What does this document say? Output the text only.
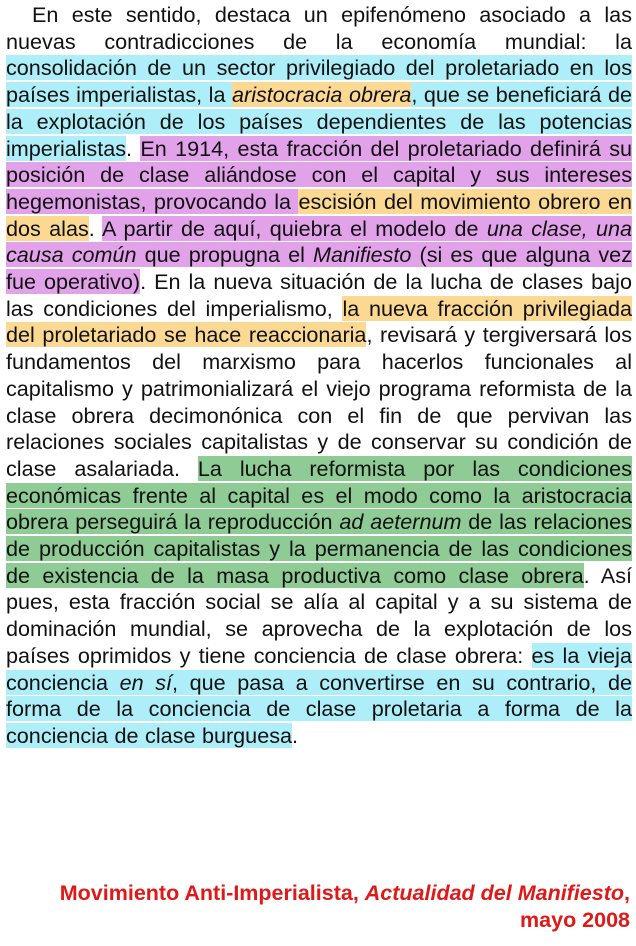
En este sentido, destaca un epifenómeno asociado a las nuevas contradicciones de la economía mundial: la consolidación de un sector privilegiado del proletariado en los países imperialistas, la aristocracia obrera, que se beneficiará de la explotación de los países dependientes de las potencias imperialistas. En 1914, esta fracción del proletariado definirá su posición de clase aliándose con el capital y sus intereses hegemonistas, provocando la escisión del movimiento obrero en dos alas. A partir de aquí, quiebra el modelo de una clase, una causa común que propugna el Manifiesto (si es que alguna vez fue operativo). En la nueva situación de la lucha de clases bajo las condiciones del imperialismo, la nueva fracción privilegiada del proletariado se hace reaccionaria, revisará y tergiversará los fundamentos del marxismo para hacerlos funcionales al capitalismo y patrimonializará el viejo programa reformista de la clase obrera decimonónica con el fin de que pervivan las relaciones sociales capitalistas y de conservar su condición de clase asalariada. La lucha reformista por las condiciones económicas frente al capital es el modo como la aristocracia obrera perseguirá la reproducción ad aeternum de las relaciones de producción capitalistas y la permanencia de las condiciones de existencia de la masa productiva como clase obrera. Así pues, esta fracción social se alía al capital y a su sistema de dominación mundial, se aprovecha de la explotación de los países oprimidos y tiene conciencia de clase obrera: es la vieja conciencia en sí, que pasa a convertirse en su contrario, de forma de la conciencia de clase proletaria a forma de la conciencia de clase burguesa.

Movimiento Anti-Imperialista, Actualidad del Manifiesto, mayo 2008
